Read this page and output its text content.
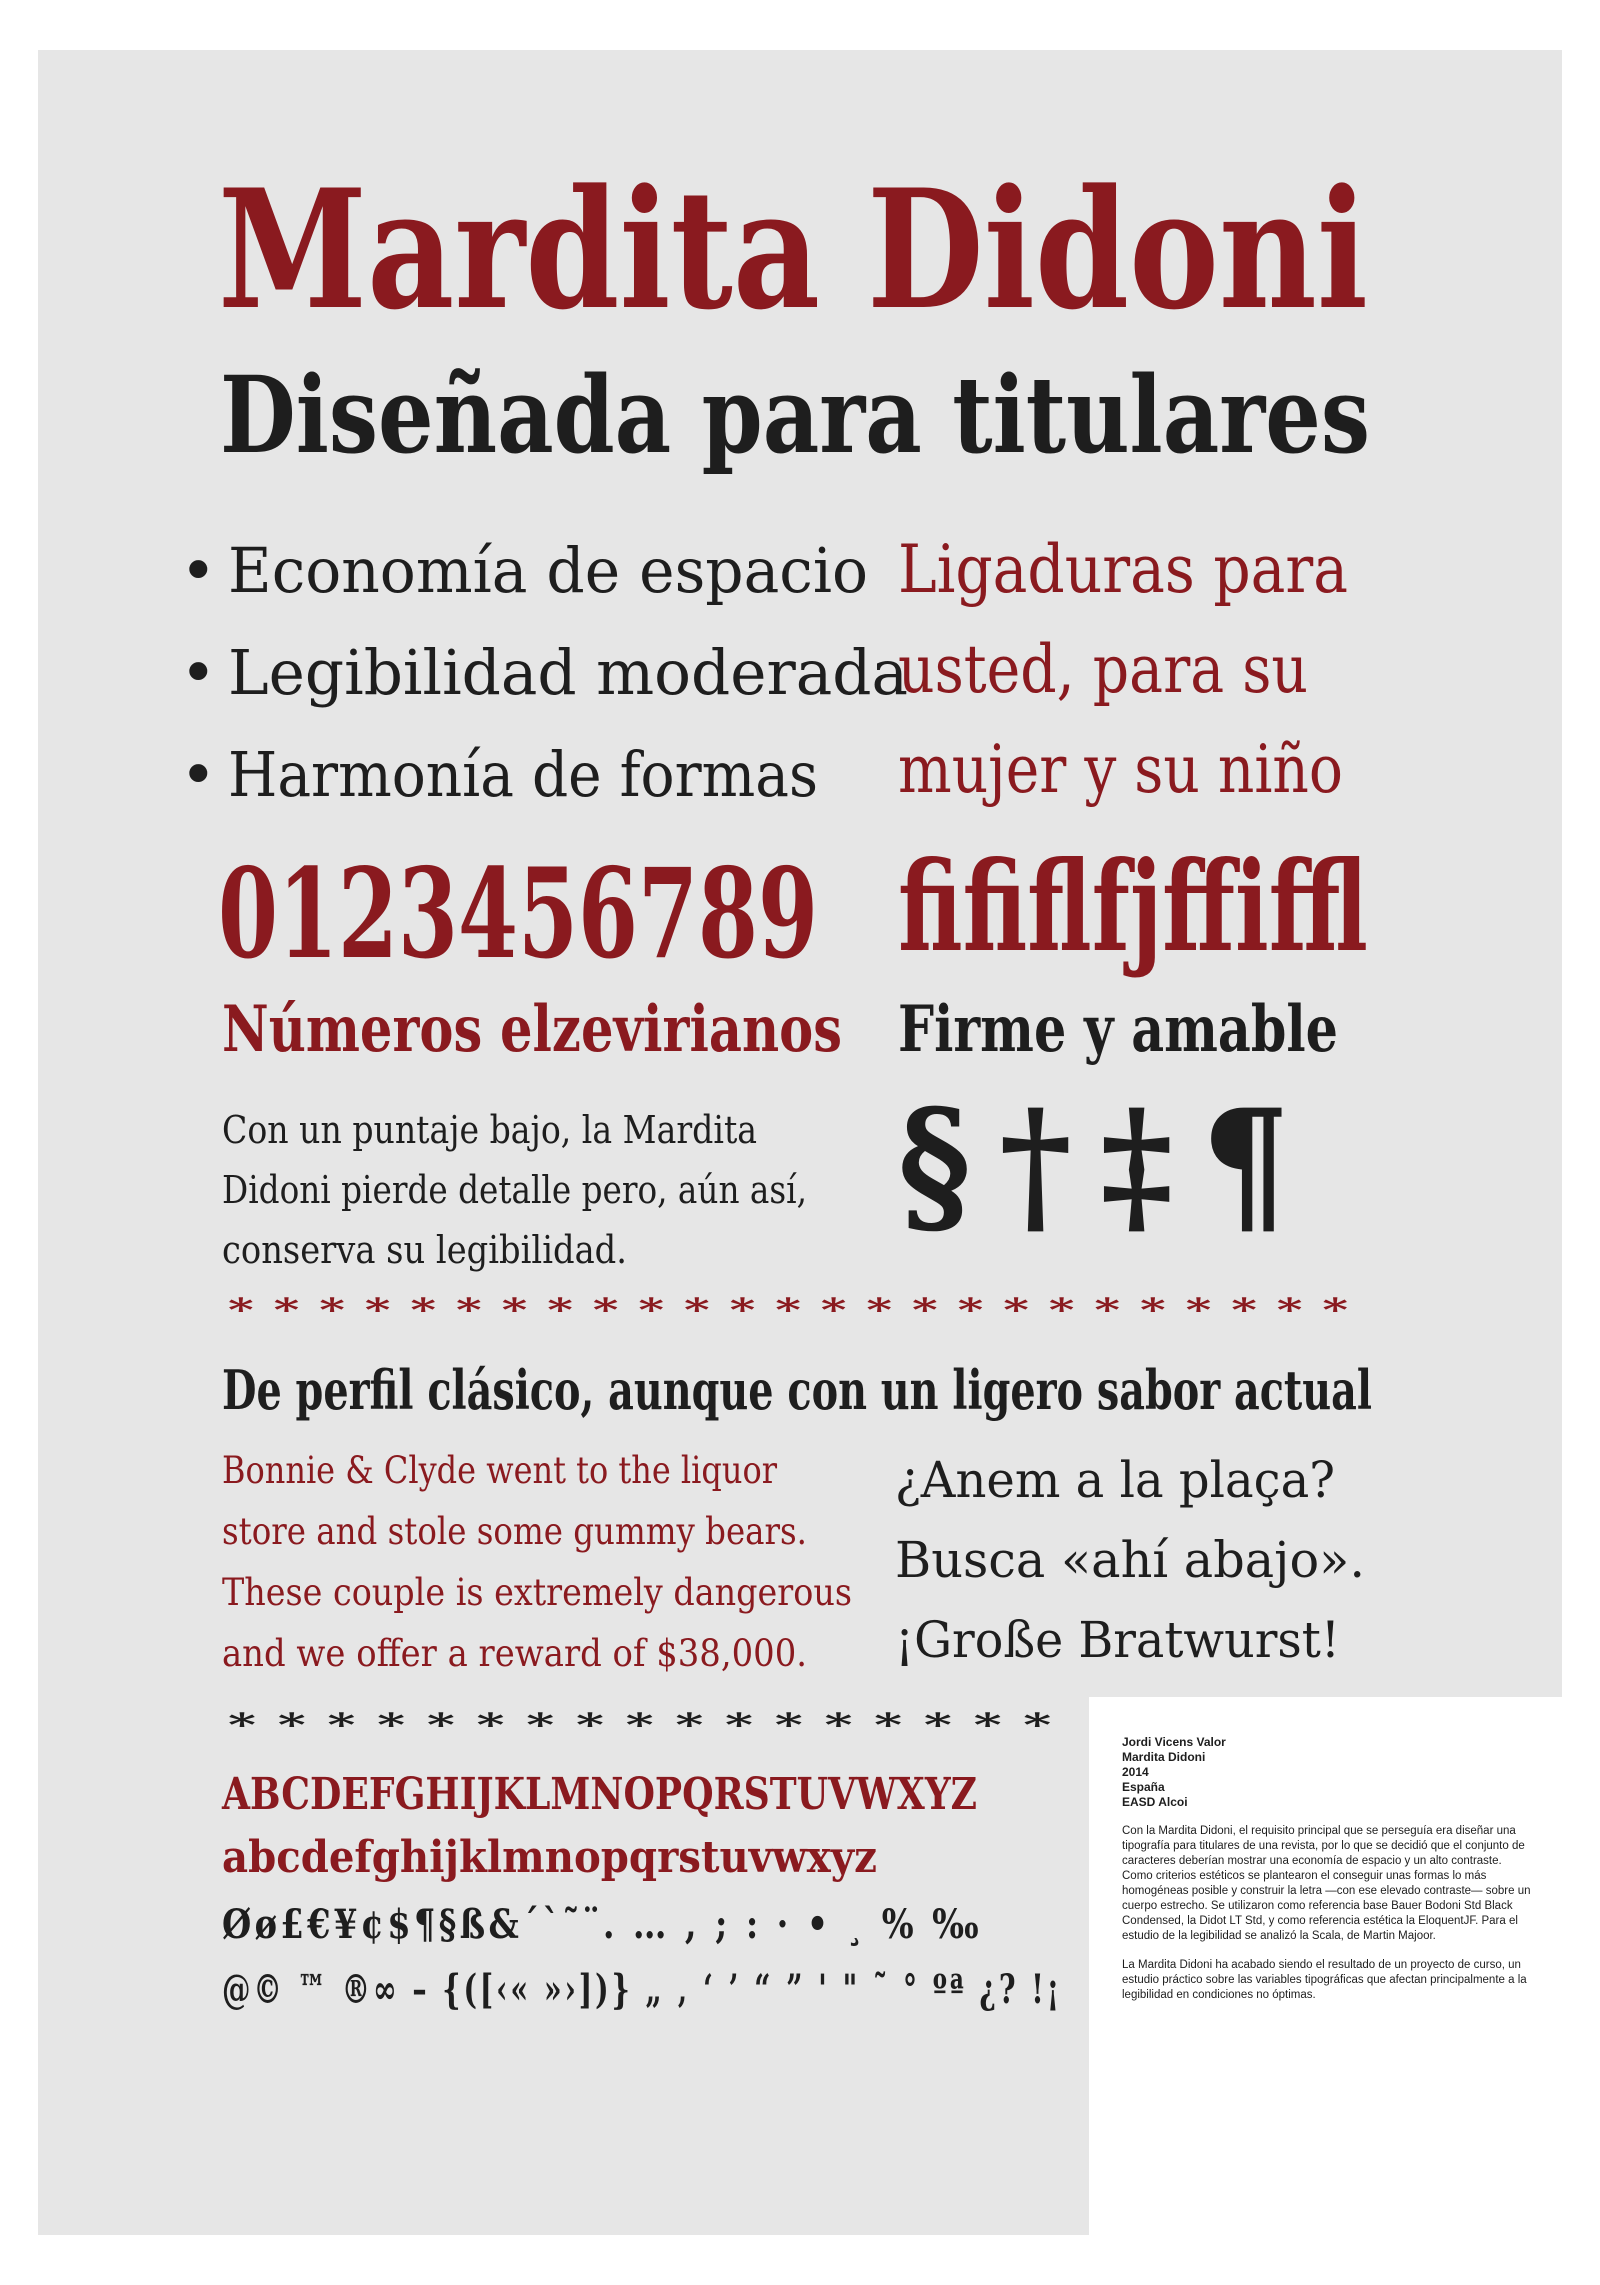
Mardita Didoni
Diseñada para titulares
• Economía de espacio
• Legibilidad moderada
• Harmonía de formas
Ligaduras para
usted, para su
mujer y su niño
0123456789 fififlfjffiffl
Números elzevirianos Firme y amable
Con un puntaje bajo, la Mardita
Didoni pierde detalle pero, aún así,
conserva su legibilidad.	§†‡¶
*************************
De perfil clásico, aunque con un ligero sabor actual
Bonnie & Clyde went to the liquor
store and stole some gummy bears.
These couple is extremely dangerous
and we offer a reward of $38,000.
¿Anem a la plaça?
Busca «ahí abajo».
¡Große Bratwurst!
*****************
ABCDEFGHIJKLMNOPQRSTUVWXYZ
abcdefghijklmnopqrstuvwxyz
Øø£€¥¢$¶§ß&´`˜¨. … , ; : · • ¸ % ‰
@© ™ ®∞ – {([‹« »›])} „ ‚ ‘ ’ “ ” ' " ˜ ° ºª ¿? !¡

Jordi Vicens Valor

Mardita Didoni

2014

España

EASD Alcoi

Con la Mardita Didoni, el requisito principal que se perseguía era diseñar una tipografía para titulares de una revista, por lo que se decidió que el conjunto de caracteres deberían mostrar una economía de espacio y un alto contraste. Como criterios estéticos se plantearon el conseguir unas formas lo más homogéneas posible y construir la letra —con ese elevado contraste— sobre un cuerpo estrecho. Se utilizaron como referencia base Bauer Bodoni Std Black Condensed, la Didot LT Std, y como referencia estética la EloquentJF. Para el estudio de la legibilidad se analizó la Scala, de Martin Majoor.

La Mardita Didoni ha acabado siendo el resultado de un proyecto de curso, un estudio práctico sobre las variables tipográficas que afectan principalmente a la legibilidad en condiciones no óptimas.
